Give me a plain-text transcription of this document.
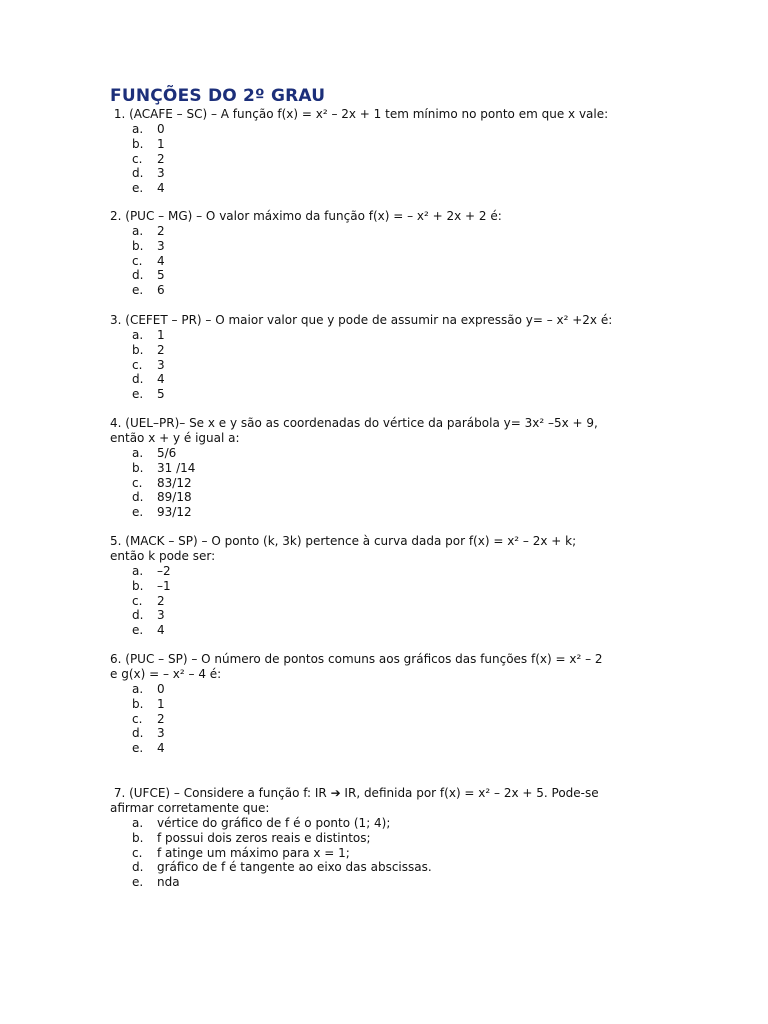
FUNÇÕES DO 2º GRAU

1. (ACAFE – SC) – A função f(x) = x² – 2x + 1 tem mínimo no ponto em que x vale:

a.	0
b.	1
c.	2
d.	3
e.	4

2. (PUC – MG) – O valor máximo da função f(x) = – x² + 2x + 2 é:

a.	2
b.	3
c.	4
d.	5
e.	6

3. (CEFET – PR) – O maior valor que y pode de assumir na expressão y= – x² +2x é:

a.	1
b.	2
c.	3
d.	4
e.	5

4. (UEL–PR)– Se x e y são as coordenadas do vértice da parábola y= 3x² –5x + 9,
então x + y é igual a:

a.	5/6
b.	31 /14
c.	83/12
d.	89/18
e.	93/12

5. (MACK – SP) – O ponto (k, 3k) pertence à curva dada por f(x) = x² – 2x + k;
então k pode ser:

a.	–2
b.	–1
c.	2
d.	3
e.	4

6. (PUC – SP) – O número de pontos comuns aos gráficos das funções f(x) = x² – 2
e g(x) = – x² – 4 é:

a.	0
b.	1
c.	2
d.	3
e.	4

7. (UFCE) – Considere a função f: IR ➔ IR, definida por f(x) = x² – 2x + 5. Pode-se
afirmar corretamente que:

a.	vértice do gráfico de f é o ponto (1; 4);
b.	f possui dois zeros reais e distintos;
c.	f atinge um máximo para x = 1;
d.	gráfico de f é tangente ao eixo das abscissas.
e.	nda
